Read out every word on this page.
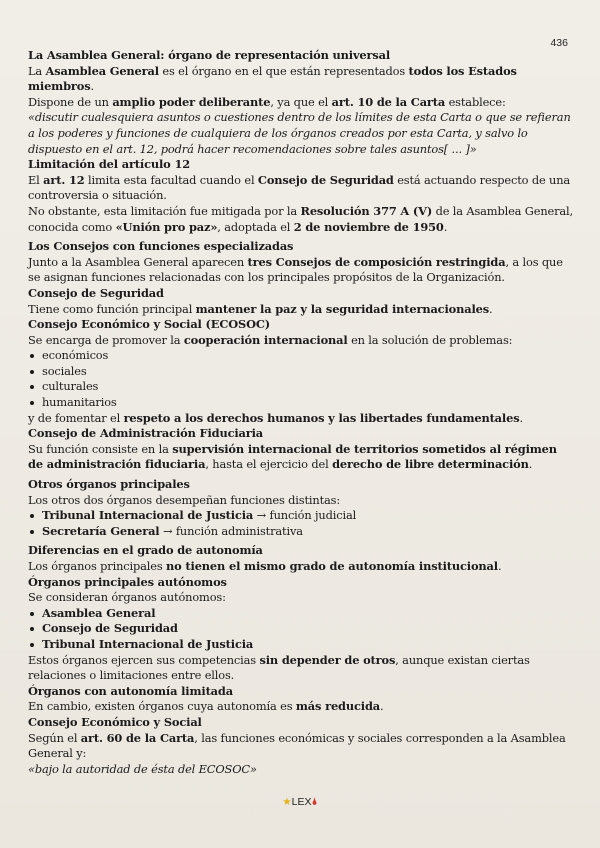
436

La Asamblea General: órgano de representación universal

La Asamblea General es el órgano en el que están representados todos los Estados miembros.

Dispone de un amplio poder deliberante, ya que el art. 10 de la Carta establece:

«discutir cualesquiera asuntos o cuestiones dentro de los límites de esta Carta o que se refieran a los poderes y funciones de cualquiera de los órganos creados por esta Carta, y salvo lo dispuesto en el art. 12, podrá hacer recomendaciones sobre tales asuntos[ ... ]»

Limitación del artículo 12

El art. 12 limita esta facultad cuando el Consejo de Seguridad está actuando respecto de una controversia o situación.

No obstante, esta limitación fue mitigada por la Resolución 377 A (V) de la Asamblea General, conocida como «Unión pro paz», adoptada el 2 de noviembre de 1950.

Los Consejos con funciones especializadas

Junto a la Asamblea General aparecen tres Consejos de composición restringida, a los que se asignan funciones relacionadas con los principales propósitos de la Organización.

Consejo de Seguridad

Tiene como función principal mantener la paz y la seguridad internacionales.

Consejo Económico y Social (ECOSOC)

Se encarga de promover la cooperación internacional en la solución de problemas:

económicos
sociales
culturales
humanitarios

y de fomentar el respeto a los derechos humanos y las libertades fundamentales.

Consejo de Administración Fiduciaria

Su función consiste en la supervisión internacional de territorios sometidos al régimen de administración fiduciaria, hasta el ejercicio del derecho de libre determinación.

Otros órganos principales

Los otros dos órganos desempeñan funciones distintas:

Tribunal Internacional de Justicia → función judicial
Secretaría General → función administrativa

Diferencias en el grado de autonomía

Los órganos principales no tienen el mismo grado de autonomía institucional.

Órganos principales autónomos

Se consideran órganos autónomos:

Asamblea General
Consejo de Seguridad
Tribunal Internacional de Justicia

Estos órganos ejercen sus competencias sin depender de otros, aunque existan ciertas relaciones o limitaciones entre ellos.

Órganos con autonomía limitada

En cambio, existen órganos cuya autonomía es más reducida.

Consejo Económico y Social

Según el art. 60 de la Carta, las funciones económicas y sociales corresponden a la Asamblea General y:

«bajo la autoridad de ésta del ECOSOC»

★LEX🌢
